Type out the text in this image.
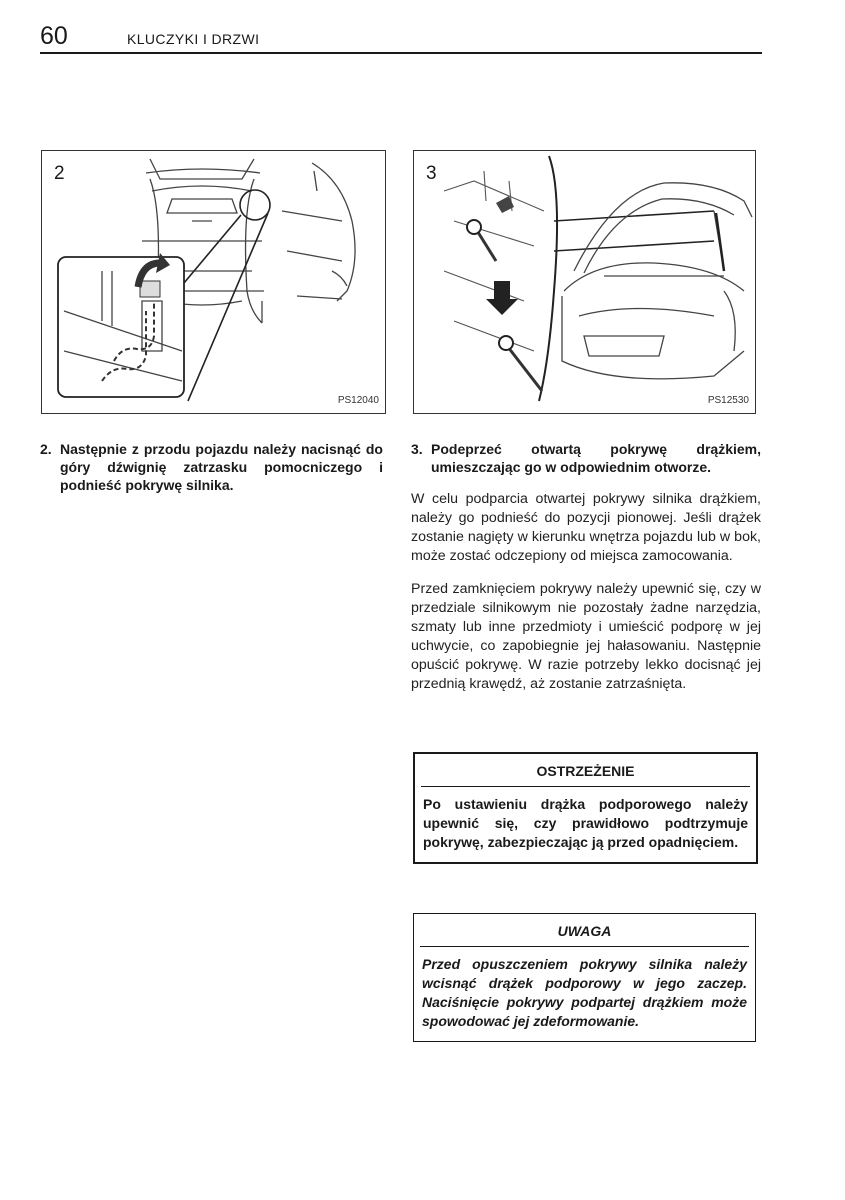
60	KLUCZYKI I DRZWI
2
PS12040
3
PS12530
2. Następnie z przodu pojazdu należy nacisnąć do góry dźwignię zatrzasku pomocniczego i podnieść pokrywę silnika.
3. Podeprzeć otwartą pokrywę drążkiem, umieszczając go w odpowiednim otworze.

W celu podparcia otwartej pokrywy silnika drążkiem, należy go podnieść do pozycji pionowej. Jeśli drążek zostanie nagięty w kierunku wnętrza pojazdu lub w bok, może zostać odczepiony od miejsca zamocowania.

Przed zamknięciem pokrywy należy upewnić się, czy w przedziale silnikowym nie pozostały żadne narzędzia, szmaty lub inne przedmioty i umieścić podporę w jej uchwycie, co zapobiegnie jej hałasowaniu. Następnie opuścić pokrywę. W razie potrzeby lekko docisnąć jej przednią krawędź, aż zostanie zatrzaśnięta.

OSTRZEŻENIE
Po ustawieniu drążka podporowego należy upewnić się, czy prawidłowo podtrzymuje pokrywę, zabezpieczając ją przed opadnięciem.
UWAGA
Przed opuszczeniem pokrywy silnika należy wcisnąć drążek podporowy w jego zaczep. Naciśnięcie pokrywy podpartej drążkiem może spowodować jej zdeformowanie.
